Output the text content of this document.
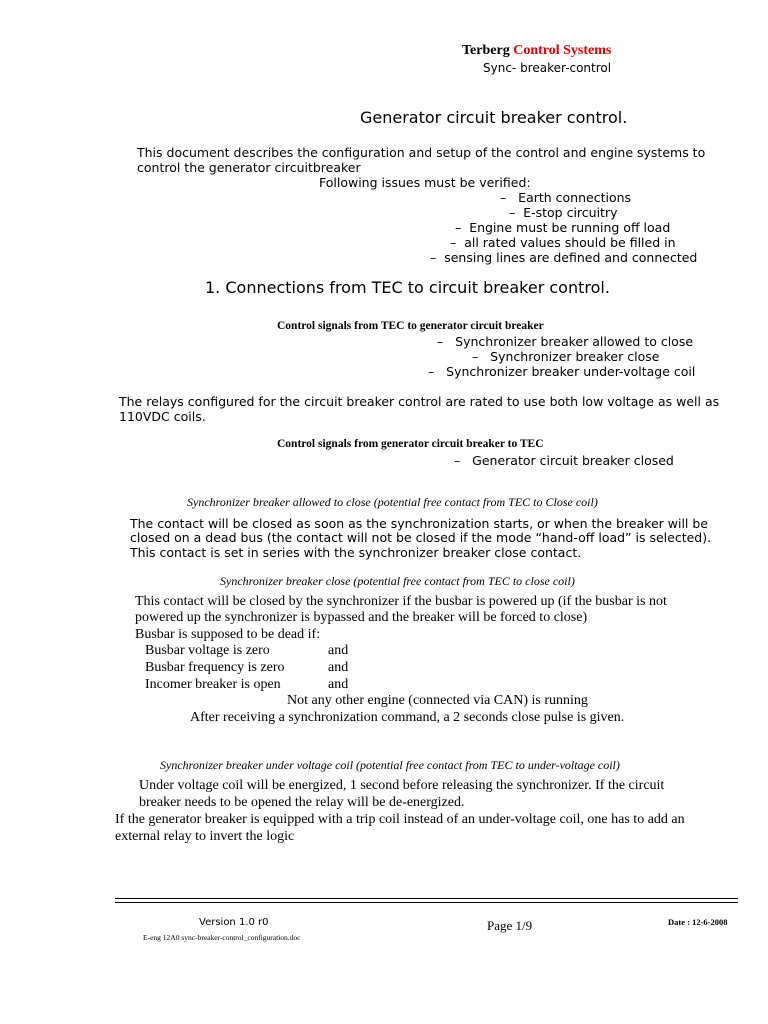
Terberg Control Systems
Sync- breaker-control
Generator circuit breaker control.
This document describes the configuration and setup of the control and engine systems to
control the generator circuitbreaker
Following issues must be verified:
–   Earth connections
–  E-stop circuitry
–  Engine must be running off load
–  all rated values should be filled in
–  sensing lines are defined and connected
1. Connections from TEC to circuit breaker control.
Control signals from TEC to generator circuit breaker
–   Synchronizer breaker allowed to close
–   Synchronizer breaker close
–   Synchronizer breaker under-voltage coil
The relays configured for the circuit breaker control are rated to use both low voltage as well as
110VDC coils.
Control signals from generator circuit breaker to TEC
–   Generator circuit breaker closed
Synchronizer breaker allowed to close (potential free contact from TEC to Close coil)
The contact will be closed as soon as the synchronization starts, or when the breaker will be
closed on a dead bus (the contact will not be closed if the mode “hand-off load” is selected).
This contact is set in series with the synchronizer breaker close contact.
Synchronizer breaker close (potential free contact from TEC to close coil)
This contact will be closed by the synchronizer if the busbar is powered up (if the busbar is not
powered up the synchronizer is bypassed and the breaker will be forced to close)
Busbar is supposed to be dead if:
Busbar voltage is zero	and
Busbar frequency is zero	and
Incomer breaker is open	and
Not any other engine (connected via CAN) is running
After receiving a synchronization command, a 2 seconds close pulse is given.
Synchronizer breaker under voltage coil (potential free contact from TEC to under-voltage coil)
Under voltage coil will be energized, 1 second before releasing the synchronizer. If the circuit
breaker needs to be opened the relay will be de-energized.
If the generator breaker is equipped with a trip coil instead of an under-voltage coil, one has to add an
external relay to invert the logic
Version 1.0 r0
E-eng 12A0 sync-breaker-control_configuration.doc
Page 1/9	Date : 12-6-2008
